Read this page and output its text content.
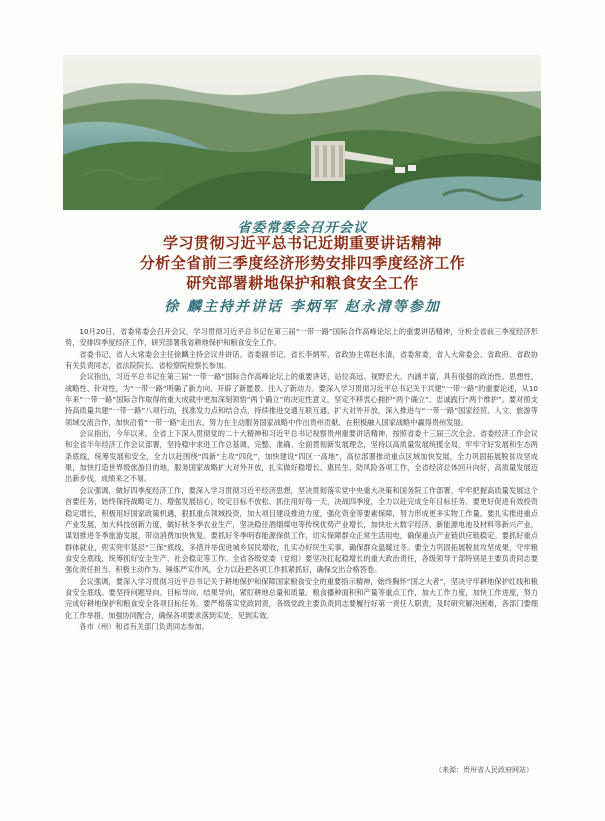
省委常委会召开会议
学习贯彻习近平总书记近期重要讲话精神
分析全省前三季度经济形势安排四季度经济工作
研究部署耕地保护和粮食安全工作
徐 麟主持并讲话 李炳军 赵永清等参加

10月20日，省委常委会召开会议，学习贯彻习近平总书记在第三届“一带一路”国际合作高峰论坛上的重要讲话精神，分析全省前三季度经济形势，安排四季度经济工作，研究部署我省耕地保护和粮食安全工作。

省委书记、省人大常委会主任徐麟主持会议并讲话。省委副书记、省长李炳军，省政协主席赵永清，省委常委，省人大常委会、省政府、省政协有关负责同志，省法院院长、省检察院检察长参加。

会议指出，习近平总书记在第三届“一带一路”国际合作高峰论坛上的重要讲话，站位高远、视野宏大、内涵丰富，具有很强的政治性、思想性、战略性、针对性，为“一带一路”明确了新方向、开辟了新愿景、注入了新动力。要深入学习贯彻习近平总书记关于共建“一带一路”的重要论述，从10年来“一带一路”国际合作取得的重大成就中更加深刻领悟“两个确立”的决定性意义，坚定不移衷心拥护“两个确立”、忠诚践行“两个维护”。要对照支持高质量共建“一带一路”八项行动，找准发力点和结合点，持续推进交通互联互通，扩大对外开放，深入推进与“一带一路”国家经贸、人文、旅游等领域交流合作，加快沿着“一带一路”走出去，努力在主动服务国家战略中作出贵州贡献、在积极融入国家战略中赢得贵州发展。

会议指出，今年以来，全省上下深入贯彻党的二十大精神和习近平总书记视察贵州重要讲话精神，按照省委十三届三次全会、省委经济工作会议和全省半年经济工作会议部署，坚持稳中求进工作总基调，完整、准确、全面贯彻新发展理念，坚持以高质量发展统揽全局，牢牢守好发展和生态两条底线，统筹发展和安全，全力以赴围绕“四新”主攻“四化”，加快建设“四区一高地”，高位部署推动重点区域加快发展，全力巩固拓展脱贫攻坚成果，加快打造世界级旅游目的地，服务国家战略扩大对外开放，扎实做好稳增长、惠民生、防风险各项工作，全省经济总体回升向好，高质量发展迈出新步伐，成绩来之不易。

会议强调，做好四季度经济工作，要深入学习贯彻习近平经济思想，坚决贯彻落实党中央重大决策和国务院工作部署，牢牢把握高质量发展这个首要任务，始终保持战略定力、增强发展信心，咬定目标不放松、抓住用好每一天，决战四季度，全力以赴完成全年目标任务。要更好促进有效投资稳定增长，积极用好国家政策机遇，狠抓重点领域投资，加大项目建设推进力度，强化资金等要素保障，努力形成更多实物工作量。要扎实推进重点产业发展，加大科技创新力度，做好秋冬季农业生产，坚决稳住酒烟煤电等传统优势产业增长，加快壮大数字经济、新能源电池及材料等新兴产业，谋划推进冬季旅游发展，带动消费加快恢复。要抓好冬季明春能源保供工作，切实保障群众正常生活用电，确保重点产业链供应链稳定。要抓好重点群体就业，兜实兜牢基层“三保”底线，多措并举促进城乡居民增收，扎实办好民生实事，确保群众温暖过冬。要全力巩固拓展脱贫攻坚成果，守牢粮食安全底线，统筹抓好安全生产、社会稳定等工作。全省各级党委（党组）要坚决扛起稳增长的重大政治责任，各级领导干部特别是主要负责同志要强化责任担当、积极主动作为、锤炼严实作风，全力以赴把各项工作抓紧抓好，确保交出合格答卷。

会议强调，要深入学习贯彻习近平总书记关于耕地保护和保障国家粮食安全的重要指示精神，始终胸怀“国之大者”，坚决守牢耕地保护红线和粮食安全底线。要坚持问题导向、目标导向、结果导向，紧盯耕地总量和质量、粮食播种面积和产量等重点工作，加大工作力度，加快工作进度，努力完成好耕地保护和粮食安全各项目标任务。要严格落实党政同责，各级党政主要负责同志要履行好第一责任人职责，及时研究解决困难，各部门要细化工作举措，加强协同配合，确保各项要求落到实处、见到实效。

各市（州）和省有关部门负责同志参加。

（来源：贵州省人民政府网站）
